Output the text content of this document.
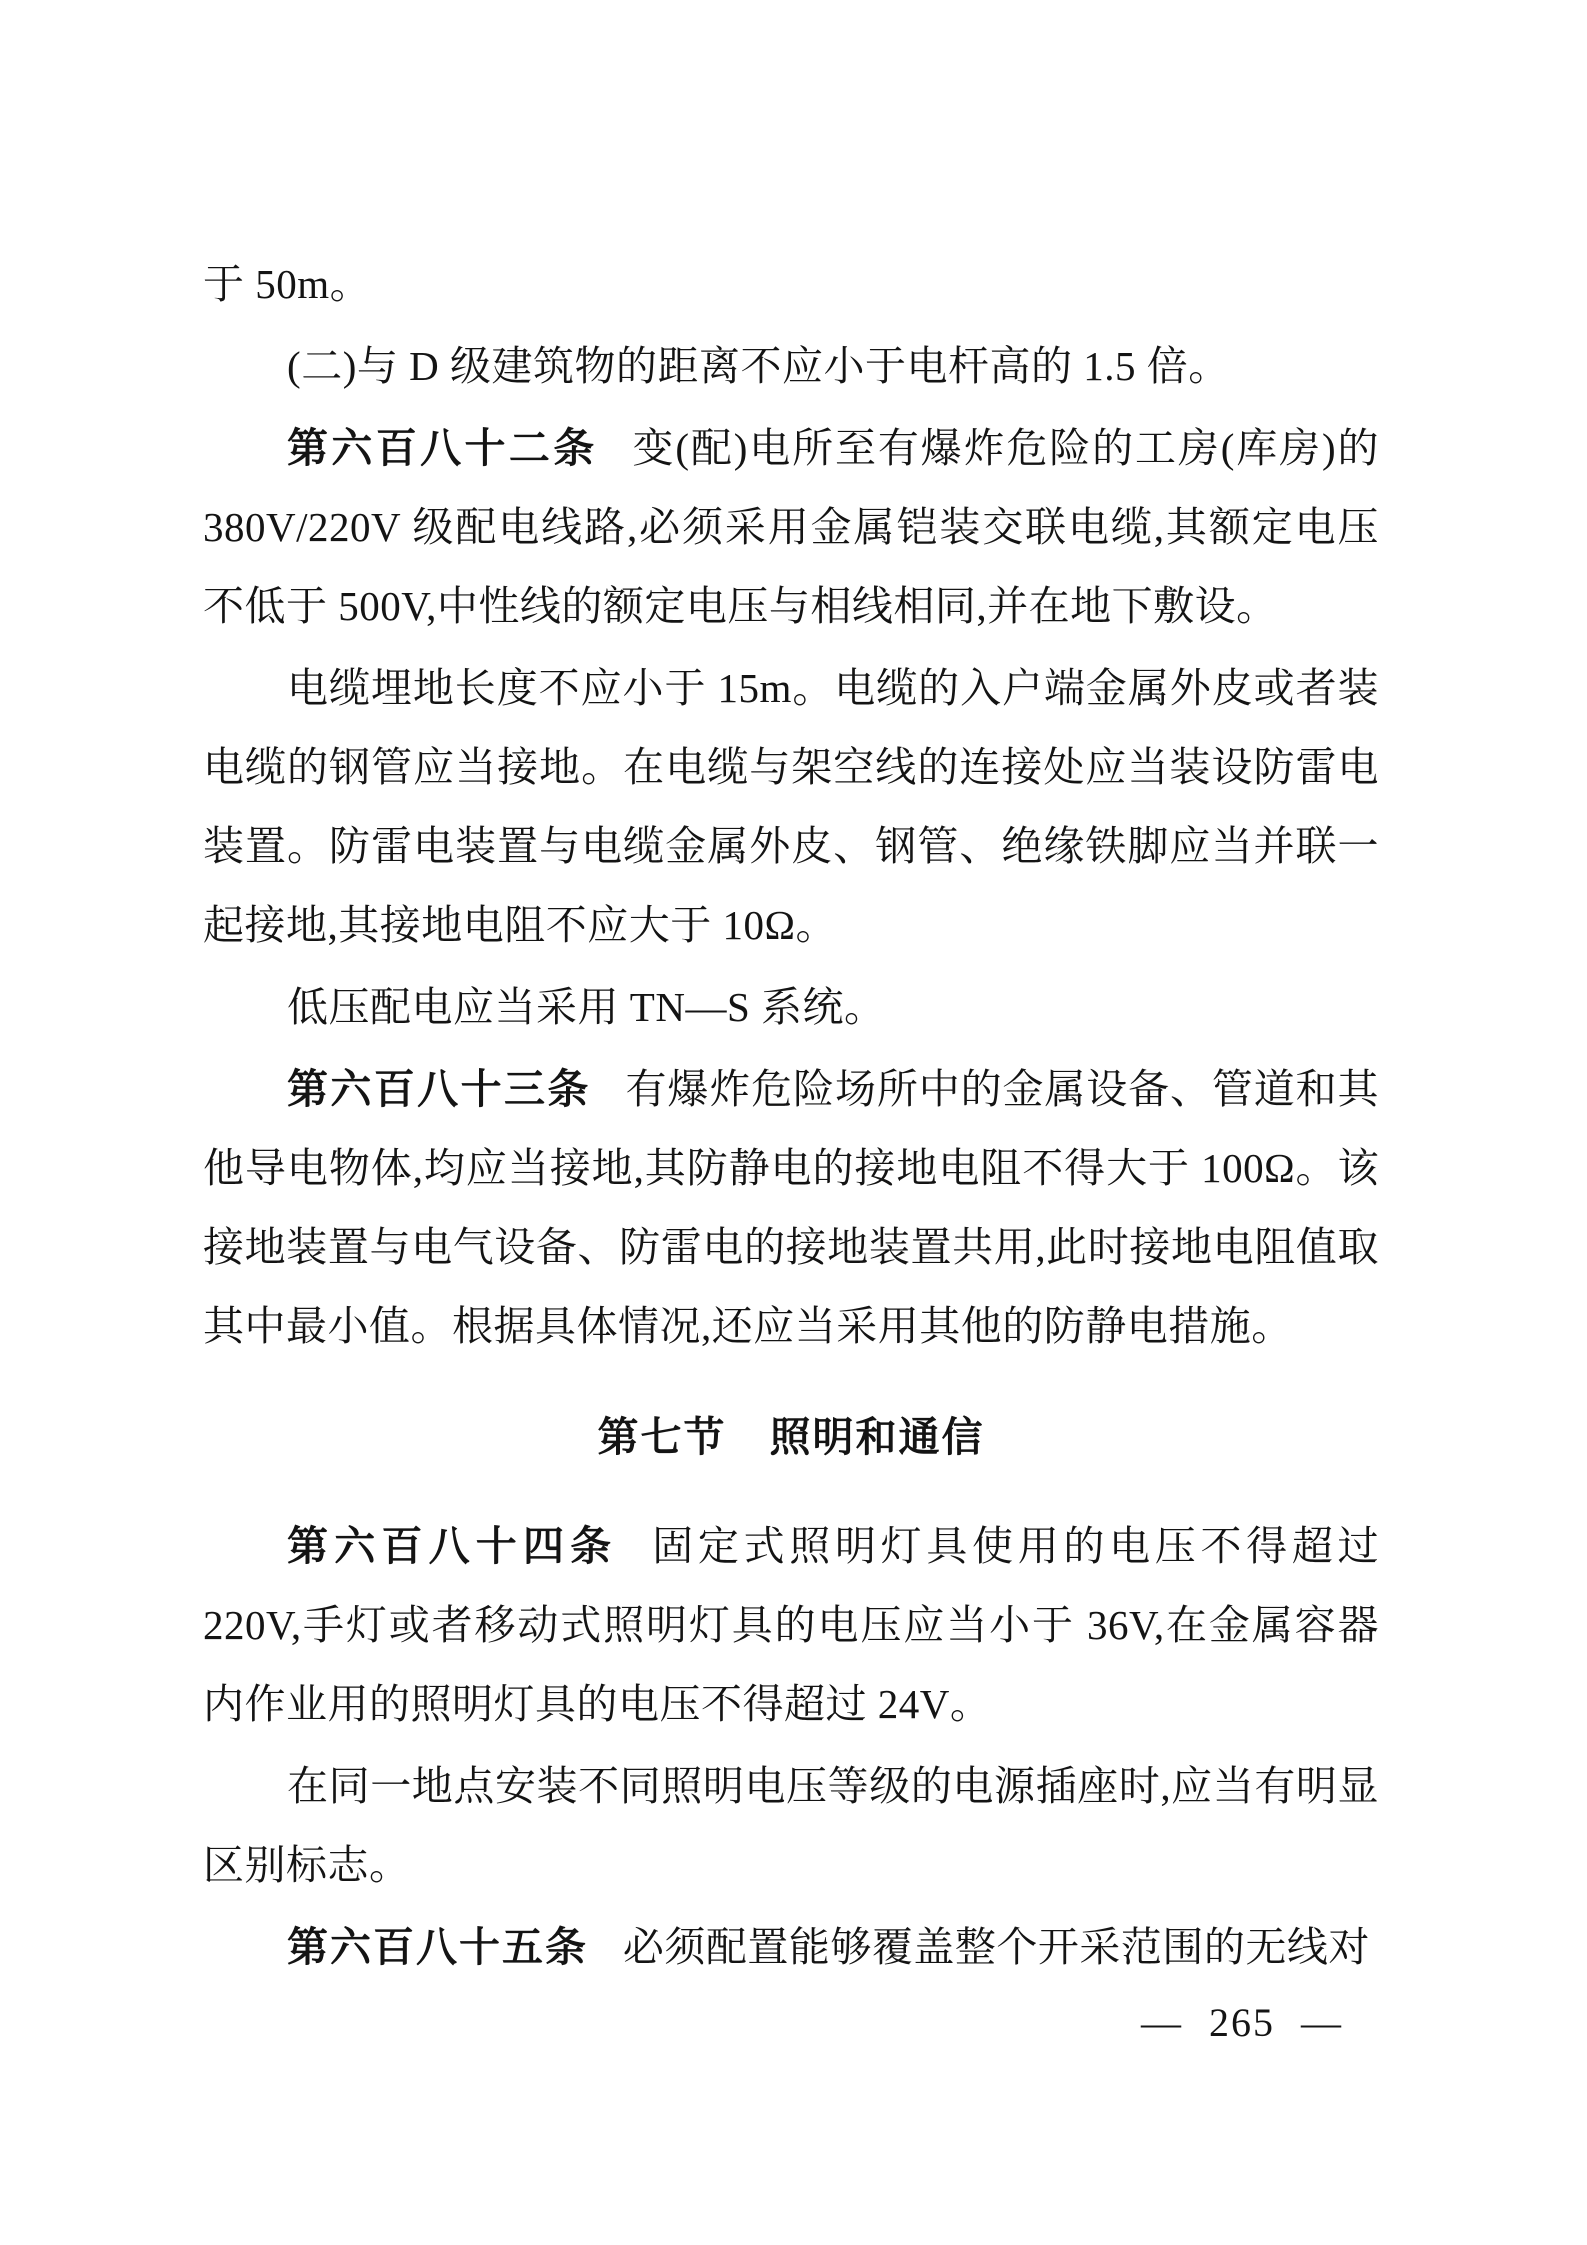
于 50m。

(二)与 D 级建筑物的距离不应小于电杆高的 1.5 倍。

第六百八十二条 变(配)电所至有爆炸危险的工房(库房)的 380V/220V 级配电线路,必须采用金属铠装交联电缆,其额定电压不低于 500V,中性线的额定电压与相线相同,并在地下敷设。

电缆埋地长度不应小于 15m。电缆的入户端金属外皮或者装电缆的钢管应当接地。在电缆与架空线的连接处应当装设防雷电装置。防雷电装置与电缆金属外皮、钢管、绝缘铁脚应当并联一起接地,其接地电阻不应大于 10Ω。

低压配电应当采用 TN—S 系统。

第六百八十三条 有爆炸危险场所中的金属设备、管道和其他导电物体,均应当接地,其防静电的接地电阻不得大于 100Ω。该接地装置与电气设备、防雷电的接地装置共用,此时接地电阻值取其中最小值。根据具体情况,还应当采用其他的防静电措施。

第七节　照明和通信

第六百八十四条 固定式照明灯具使用的电压不得超过 220V,手灯或者移动式照明灯具的电压应当小于 36V,在金属容器内作业用的照明灯具的电压不得超过 24V。

在同一地点安装不同照明电压等级的电源插座时,应当有明显区别标志。

第六百八十五条 必须配置能够覆盖整个开采范围的无线对

— 265 —
